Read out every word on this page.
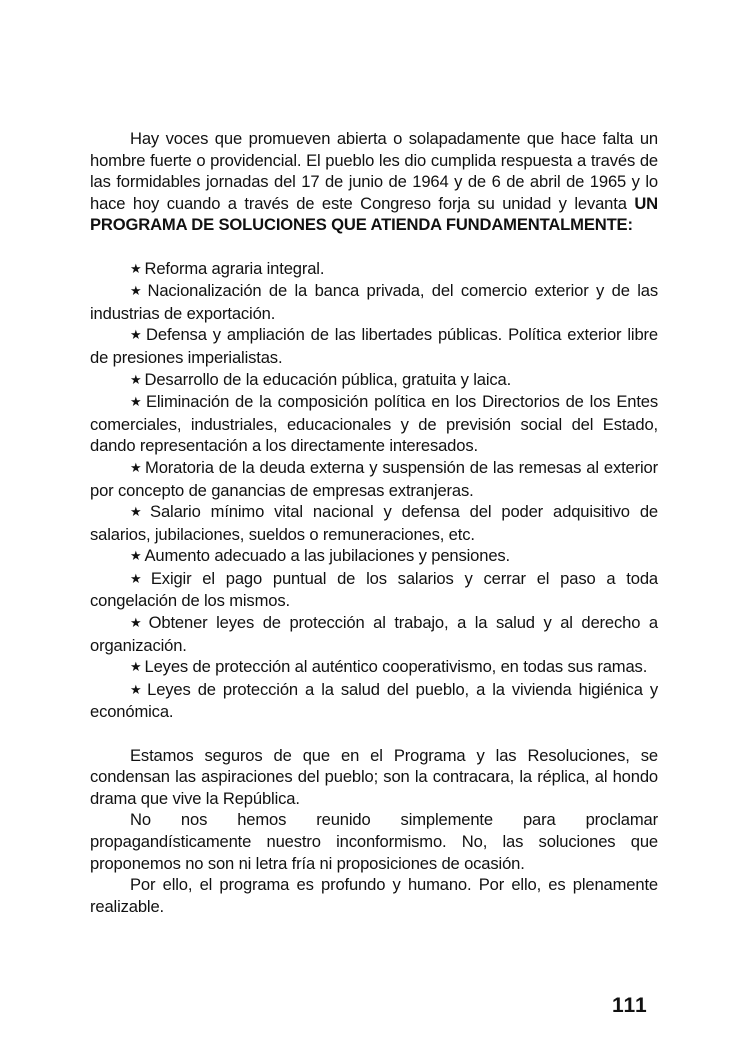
Hay voces que promueven abierta o solapadamente que hace falta un hombre fuerte o providencial. El pueblo les dio cumplida respuesta a través de las formidables jornadas del 17 de junio de 1964 y de 6 de abril de 1965 y lo hace hoy cuando a través de este Congreso forja su unidad y levanta UN PROGRAMA DE SOLUCIONES QUE ATIENDA FUNDAMENTALMENTE:

★ Reforma agraria integral.

★ Nacionalización de la banca privada, del comercio exterior y de las industrias de exportación.

★ Defensa y ampliación de las libertades públicas. Política exterior libre de presiones imperialistas.

★ Desarrollo de la educación pública, gratuita y laica.

★ Eliminación de la composición política en los Directorios de los Entes comerciales, industriales, educacionales y de previsión social del Estado, dando representación a los directamente interesados.

★ Moratoria de la deuda externa y suspensión de las remesas al exterior por concepto de ganancias de empresas extranjeras.

★ Salario mínimo vital nacional y defensa del poder adquisitivo de salarios, jubilaciones, sueldos o remuneraciones, etc.

★ Aumento adecuado a las jubilaciones y pensiones.

★ Exigir el pago puntual de los salarios y cerrar el paso a toda congelación de los mismos.

★ Obtener leyes de protección al trabajo, a la salud y al derecho a organización.

★ Leyes de protección al auténtico cooperativismo, en todas sus ramas.

★ Leyes de protección a la salud del pueblo, a la vivienda higiénica y económica.

Estamos seguros de que en el Programa y las Resoluciones, se condensan las aspiraciones del pueblo; son la contracara, la réplica, al hondo drama que vive la República.

No nos hemos reunido simplemente para proclamar propagandísticamente nuestro inconformismo. No, las soluciones que proponemos no son ni letra fría ni proposiciones de ocasión.

Por ello, el programa es profundo y humano. Por ello, es plenamente realizable.

111
